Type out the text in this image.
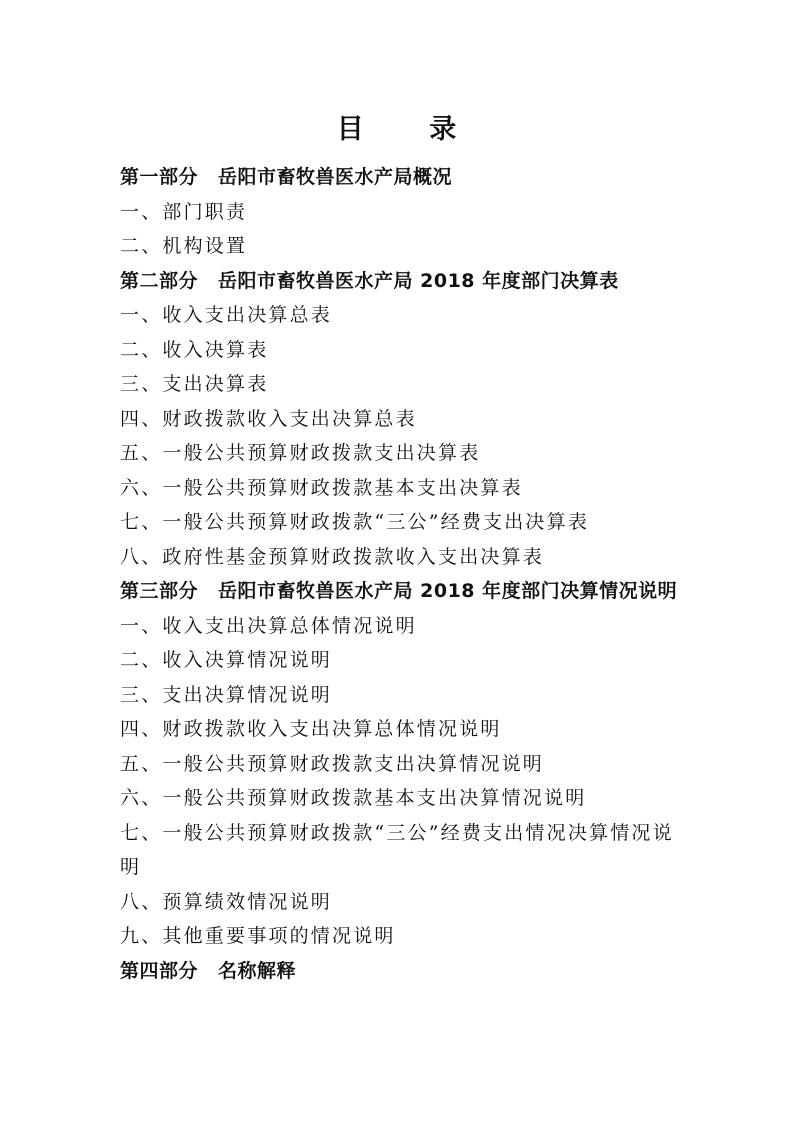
目 录
第一部分 岳阳市畜牧兽医水产局概况
一、部门职责
二、机构设置
第二部分 岳阳市畜牧兽医水产局 2018 年度部门决算表
一、收入支出决算总表
二、收入决算表
三、支出决算表
四、财政拨款收入支出决算总表
五、一般公共预算财政拨款支出决算表
六、一般公共预算财政拨款基本支出决算表
七、一般公共预算财政拨款“三公”经费支出决算表
八、政府性基金预算财政拨款收入支出决算表
第三部分 岳阳市畜牧兽医水产局 2018 年度部门决算情况说明
一、收入支出决算总体情况说明
二、收入决算情况说明
三、支出决算情况说明
四、财政拨款收入支出决算总体情况说明
五、一般公共预算财政拨款支出决算情况说明
六、一般公共预算财政拨款基本支出决算情况说明
七、一般公共预算财政拨款“三公”经费支出情况决算情况说明
八、预算绩效情况说明
九、其他重要事项的情况说明
第四部分 名称解释
